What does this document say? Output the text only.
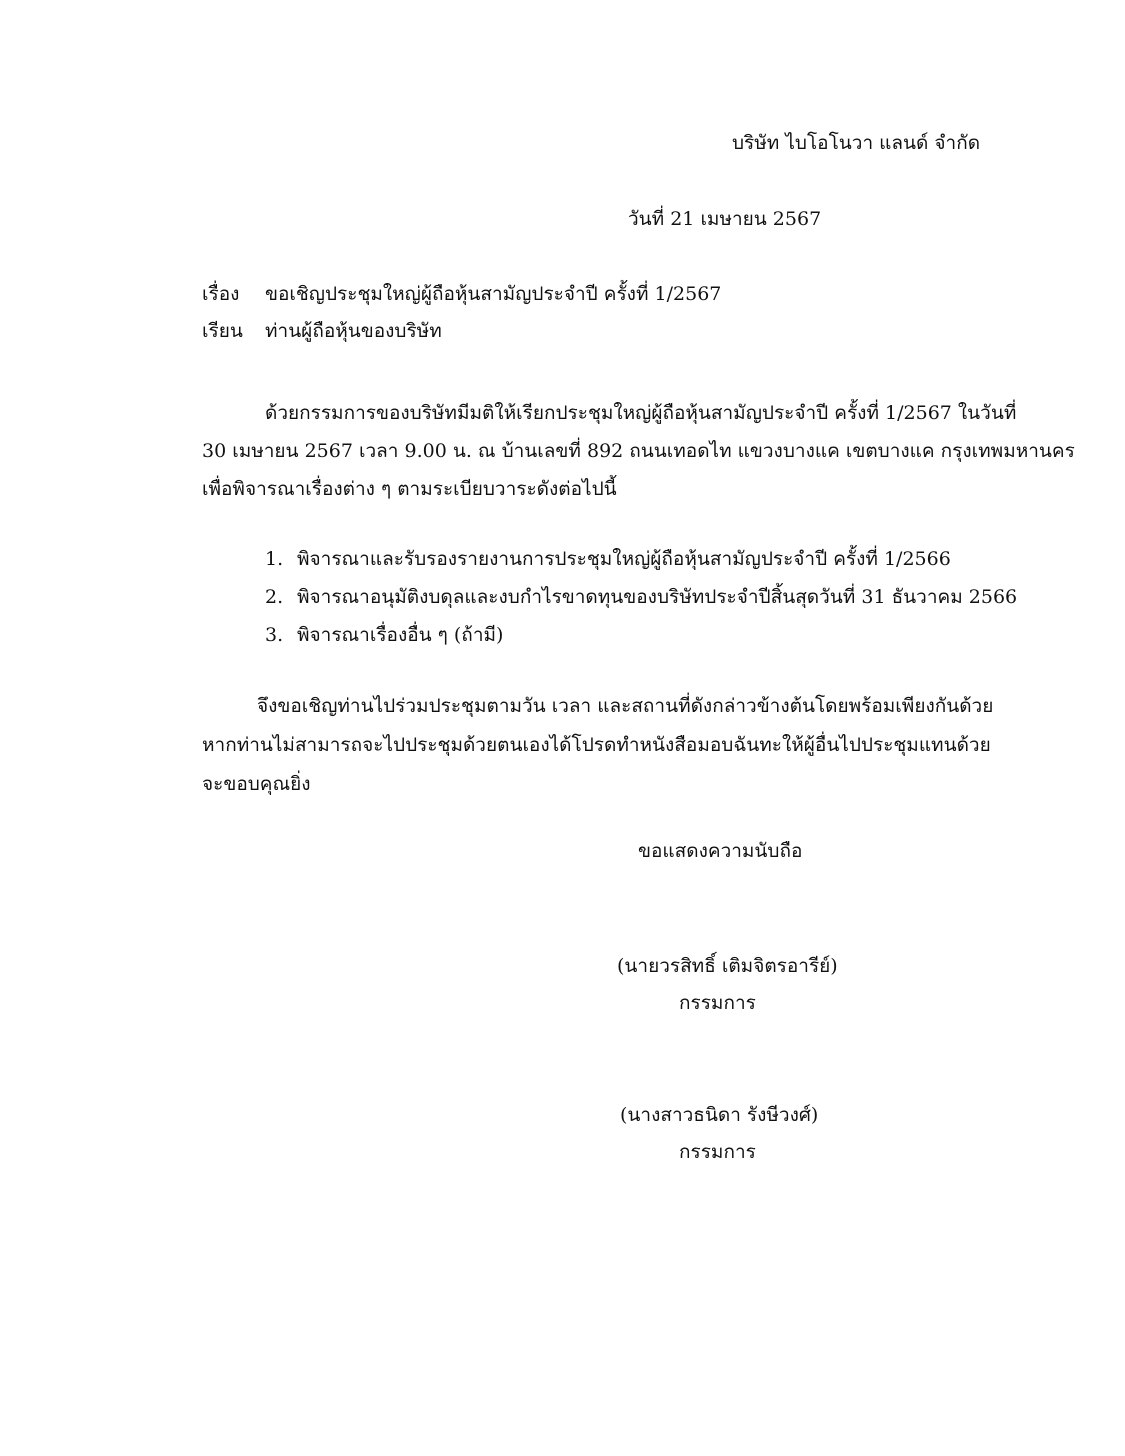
บริษัท ไบโอโนวา แลนด์ จำกัด
วันที่ 21 เมษายน 2567
เรื่อง ขอเชิญประชุมใหญ่ผู้ถือหุ้นสามัญประจำปี ครั้งที่ 1/2567
เรียน ท่านผู้ถือหุ้นของบริษัท
ด้วยกรรมการของบริษัทมีมติให้เรียกประชุมใหญ่ผู้ถือหุ้นสามัญประจำปี ครั้งที่ 1/2567 ในวันที่
30 เมษายน 2567 เวลา 9.00 น. ณ บ้านเลขที่ 892 ถนนเทอดไท แขวงบางแค เขตบางแค กรุงเทพมหานคร
เพื่อพิจารณาเรื่องต่าง ๆ ตามระเบียบวาระดังต่อไปนี้
1. พิจารณาและรับรองรายงานการประชุมใหญ่ผู้ถือหุ้นสามัญประจำปี ครั้งที่ 1/2566
2. พิจารณาอนุมัติงบดุลและงบกำไรขาดทุนของบริษัทประจำปีสิ้นสุดวันที่ 31 ธันวาคม 2566
3. พิจารณาเรื่องอื่น ๆ (ถ้ามี)
จึงขอเชิญท่านไปร่วมประชุมตามวัน เวลา และสถานที่ดังกล่าวข้างต้นโดยพร้อมเพียงกันด้วย
หากท่านไม่สามารถจะไปประชุมด้วยตนเองได้โปรดทำหนังสือมอบฉันทะให้ผู้อื่นไปประชุมแทนด้วย
จะขอบคุณยิ่ง
ขอแสดงความนับถือ
(นายวรสิทธิ์ เติมจิตรอารีย์)
กรรมการ
(นางสาวธนิดา รังษีวงศ์)
กรรมการ
